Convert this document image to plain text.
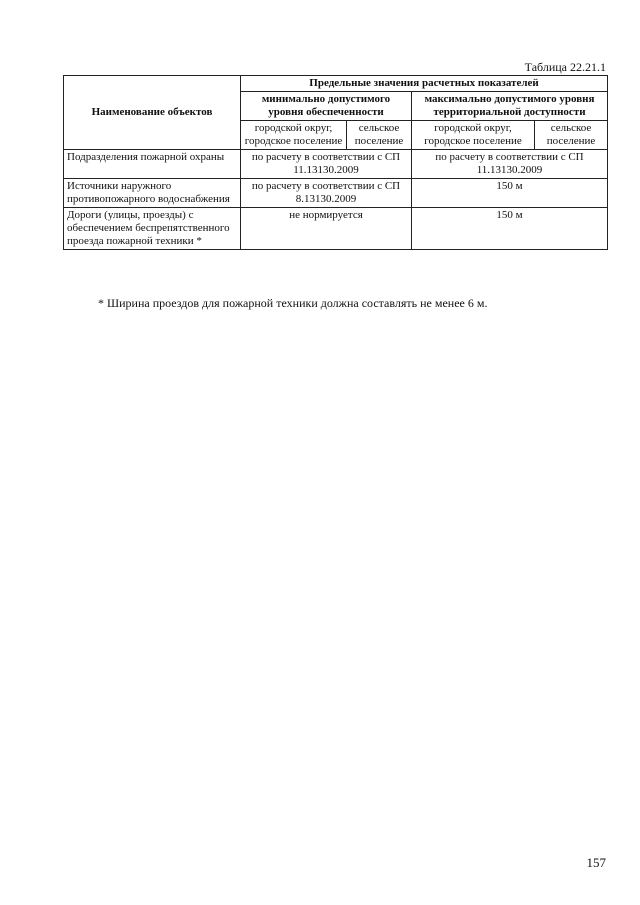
Таблица 22.21.1
Наименование объектов	Предельные значения расчетных показателей			
	минимально допустимого уровня обеспеченности		максимально допустимого уровня территориальной доступности	
	городской округ, городское поселение	сельское поселение	городской округ, городское поселение	сельское поселение
Подразделения пожарной охраны	по расчету в соответствии с СП 11.13130.2009		по расчету в соответствии с СП 11.13130.2009	
Источники наружного противопожарного водоснабжения	по расчету в соответствии с СП 8.13130.2009		150 м	
Дороги (улицы, проезды) с обеспечением беспрепятственного проезда пожарной техники *	не нормируется		150 м	
* Ширина проездов для пожарной техники должна составлять не менее 6 м.
157
